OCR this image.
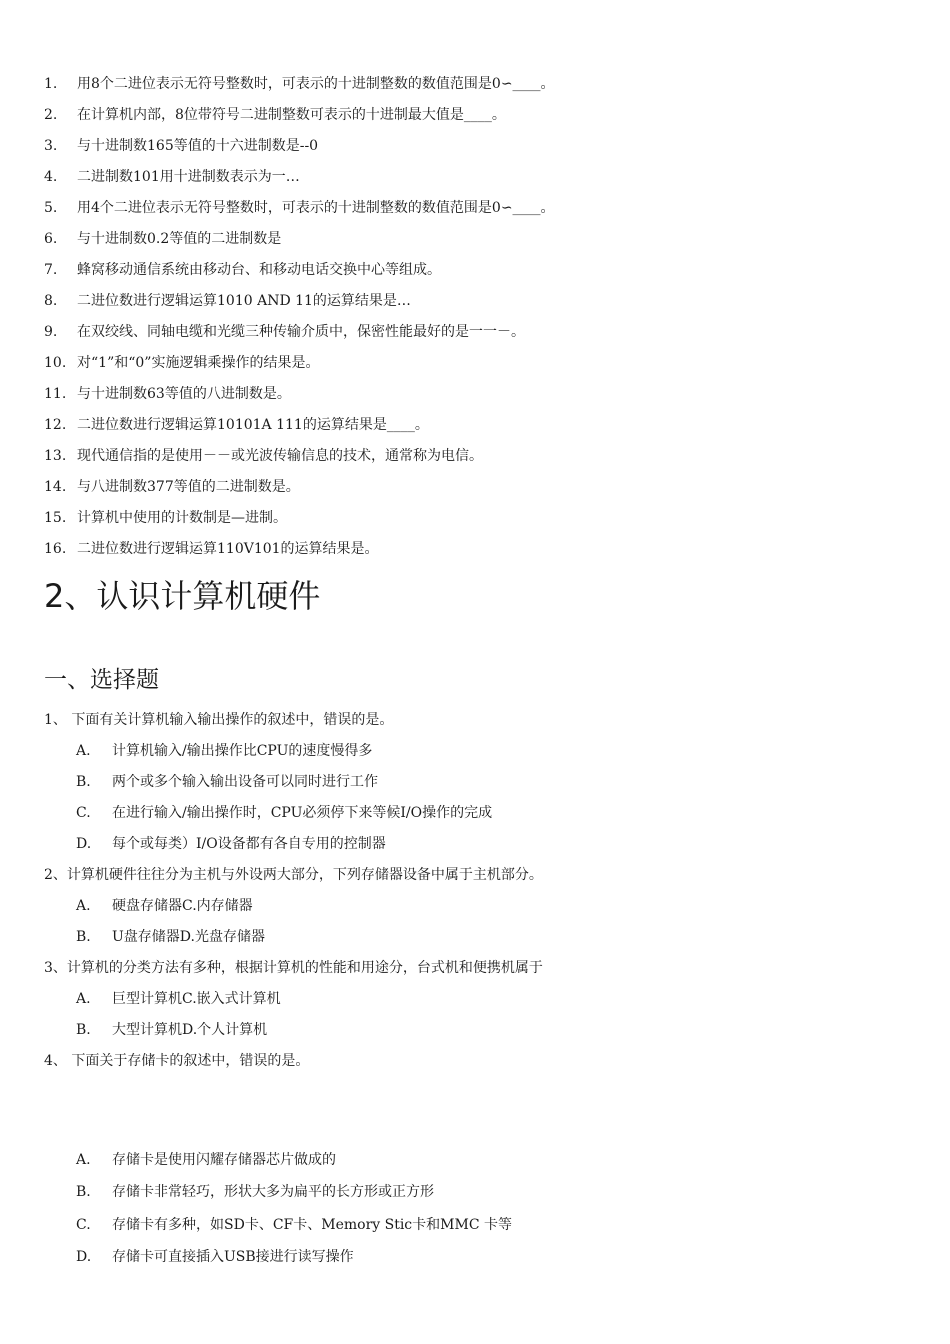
1.	用8个二进位表示无符号整数时，可表示的十进制整数的数值范围是0∽____。
2.	在计算机内部，8位带符号二进制整数可表示的十进制最大值是____。
3.	与十进制数165等值的十六进制数是--0
4.	二进制数101用十进制数表示为一…
5.	用4个二进位表示无符号整数时，可表示的十进制整数的数值范围是0∽____。
6.	与十进制数0.2等值的二进制数是
7.	蜂窝移动通信系统由移动台、和移动电话交换中心等组成。
8.	二进位数进行逻辑运算1010 AND 11的运算结果是…
9.	在双绞线、同轴电缆和光缆三种传输介质中，保密性能最好的是一一－。
10. 对“1”和“0”实施逻辑乘操作的结果是。
11. 与十进制数63等值的八进制数是。
12. 二进位数进行逻辑运算10101A 111的运算结果是____。
13. 现代通信指的是使用－－或光波传输信息的技术，通常称为电信。
14. 与八进制数377等值的二进制数是。
15. 计算机中使用的计数制是—进制。
16. 二进位数进行逻辑运算110V101的运算结果是。
2、认识计算机硬件
一、选择题
1、 下面有关计算机输入输出操作的叙述中，错误的是。
A. 计算机输入/输出操作比CPU的速度慢得多
B. 两个或多个输入输出设备可以同时进行工作
C. 在进行输入/输出操作时，CPU必须停下来等候I/O操作的完成
D. 每个或每类）I/O设备都有各自专用的控制器
2、计算机硬件往往分为主机与外设两大部分，下列存储器设备中属于主机部分。
A. 硬盘存储器C.内存储器
B. U盘存储器D.光盘存储器
3、计算机的分类方法有多种，根据计算机的性能和用途分，台式机和便携机属于
A. 巨型计算机C.嵌入式计算机
B. 大型计算机D.个人计算机
4、 下面关于存储卡的叙述中，错误的是。
A. 存储卡是使用闪耀存储器芯片做成的
B. 存储卡非常轻巧，形状大多为扁平的长方形或正方形
C. 存储卡有多种，如SD卡、CF卡、Memory Stic卡和MMC 卡等
D. 存储卡可直接插入USB接进行读写操作
